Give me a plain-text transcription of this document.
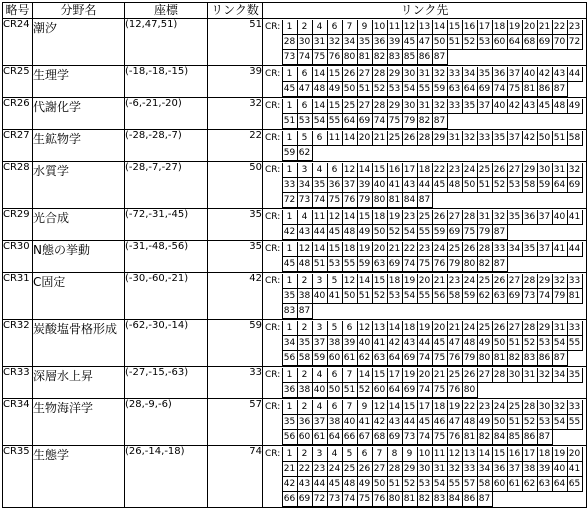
略号	分野名	座標	リンク数	リンク先
CR24	潮汐	(12,47,51)	51	CR:	1	2	4	6	7	9	10	11	12	13	14	15	16	17	18	19	20	21	22	23
	28	30	31	32	34	35	36	39	45	47	50	51	52	53	60	64	68	69	70	72
	73	74	75	76	80	81	82	83	85	86	87									

CR25	生理学	(-18,-18,-15)	39	CR:	1	6	14	15	26	27	28	29	30	31	32	33	34	35	36	37	40	42	43	44
	45	47	48	49	50	51	52	53	54	55	59	63	64	69	74	75	81	86	87	

CR26	代謝化学	(-6,-21,-20)	32	CR:	1	6	14	15	25	27	28	29	30	31	32	33	35	37	40	42	43	45	48	49
	51	53	54	55	64	69	74	75	79	82	87									

CR27	生鉱物学	(-28,-28,-7)	22	CR:	1	5	6	11	14	20	21	25	26	28	29	31	32	33	35	37	42	50	51	58
	59	62																		

CR28	水質学	(-28,-7,-27)	50	CR:	1	3	4	6	12	14	15	16	17	18	22	23	24	25	26	27	29	30	31	32
	33	34	35	36	37	39	40	41	43	44	45	48	50	51	52	53	58	59	64	69
	72	73	74	75	76	79	80	81	84	87										

CR29	光合成	(-72,-31,-45)	35	CR:	1	4	11	12	14	15	18	19	23	25	26	27	28	31	32	35	36	37	40	41
	42	43	44	45	48	49	50	52	54	55	59	69	75	79	87					

CR30	N態の挙動	(-31,-48,-56)	35	CR:	1	12	14	15	18	19	20	21	22	23	24	25	26	28	33	34	35	37	41	44
	45	48	51	53	55	59	63	69	74	75	76	79	80	82	87					

CR31	C固定	(-30,-60,-21)	42	CR:	1	2	3	5	12	14	15	18	19	20	21	23	24	25	26	27	28	29	32	33
	35	38	40	41	50	51	52	53	54	55	56	58	59	62	63	69	73	74	79	81
	83	87																		

CR32	炭酸塩骨格形成	(-62,-30,-14)	59	CR:	1	2	3	5	6	12	13	14	18	19	20	21	24	25	26	27	28	29	31	33
	34	35	37	38	39	40	41	42	43	44	45	47	48	49	50	51	52	53	54	55
	56	58	59	60	61	62	63	64	69	74	75	76	79	80	81	82	83	86	87	

CR33	深層水上昇	(-27,-15,-63)	33	CR:	1	2	4	6	7	14	15	17	19	20	21	25	26	27	28	30	31	32	34	35
	36	38	40	50	51	52	60	64	69	74	75	76	80							

CR34	生物海洋学	(28,-9,-6)	57	CR:	1	2	4	6	7	9	12	14	15	17	18	19	22	23	24	25	28	30	32	33
	35	36	37	38	40	41	42	43	44	45	46	47	48	49	50	51	52	53	54	55
	56	60	61	64	66	67	68	69	73	74	75	76	81	82	84	85	86	87		

CR35	生態学	(26,-14,-18)	74	CR:	1	2	3	4	5	6	7	8	9	10	11	12	13	14	15	16	17	18	19	20
	21	22	23	24	25	26	27	28	29	30	31	32	33	34	36	37	38	39	40	41
	42	43	44	45	48	49	50	51	52	53	54	55	57	58	60	61	62	63	64	65
	66	69	72	73	74	75	76	80	81	82	83	84	86	87						
